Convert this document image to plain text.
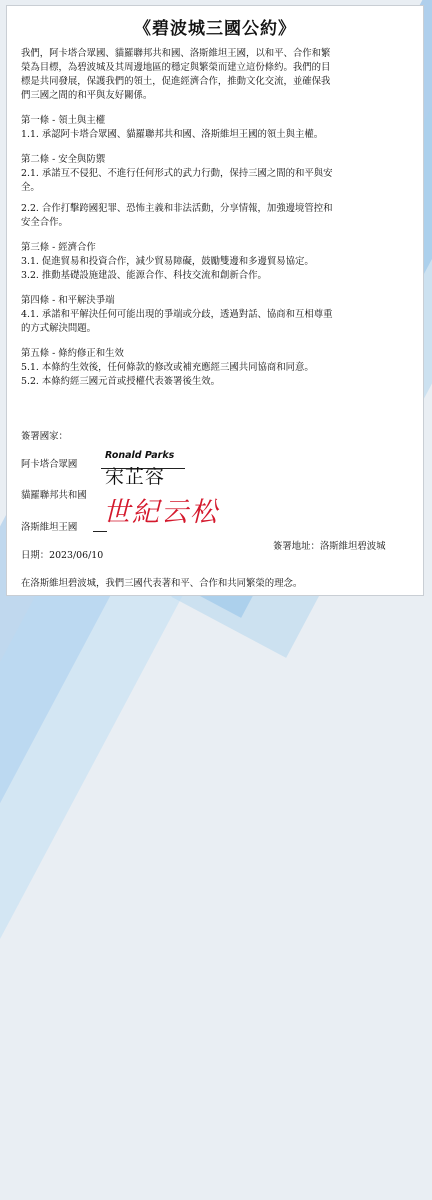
《碧波城三國公約》

我們，阿卡塔合眾國、貓羅聯邦共和國、洛斯維坦王國，以和平、合作和繁

榮為目標，為碧波城及其周邊地區的穩定與繁榮而建立這份條約。我們的目

標是共同發展，保護我們的領土，促進經濟合作，推動文化交流，並確保我

們三國之間的和平與友好關係。

第一條 - 領土與主權

1.1. 承認阿卡塔合眾國、貓羅聯邦共和國、洛斯維坦王國的領土與主權。

第二條 - 安全與防禦

2.1. 承諾互不侵犯、不進行任何形式的武力行動，保持三國之間的和平與安

全。

2.2. 合作打擊跨國犯罪、恐怖主義和非法活動，分享情報，加強邊境管控和

安全合作。

第三條 - 經濟合作

3.1. 促進貿易和投資合作，減少貿易障礙，鼓勵雙邊和多邊貿易協定。

3.2. 推動基礎設施建設、能源合作、科技交流和創新合作。

第四條 - 和平解決爭端

4.1. 承諾和平解決任何可能出現的爭端或分歧，透過對話、協商和互相尊重

的方式解決問題。

第五條 - 條約修正和生效

5.1. 本條約生效後，任何條款的修改或補充應經三國共同協商和同意。

5.2. 本條約經三國元首或授權代表簽署後生效。

簽署國家：
阿卡塔合眾國
Ronald Parks
宋芷容
貓羅聯邦共和國
世紀云松
洛斯維坦王國
日期：2023/06/10
簽署地址：洛斯維坦碧波城
在洛斯維坦碧波城，我們三國代表著和平、合作和共同繁榮的理念。
